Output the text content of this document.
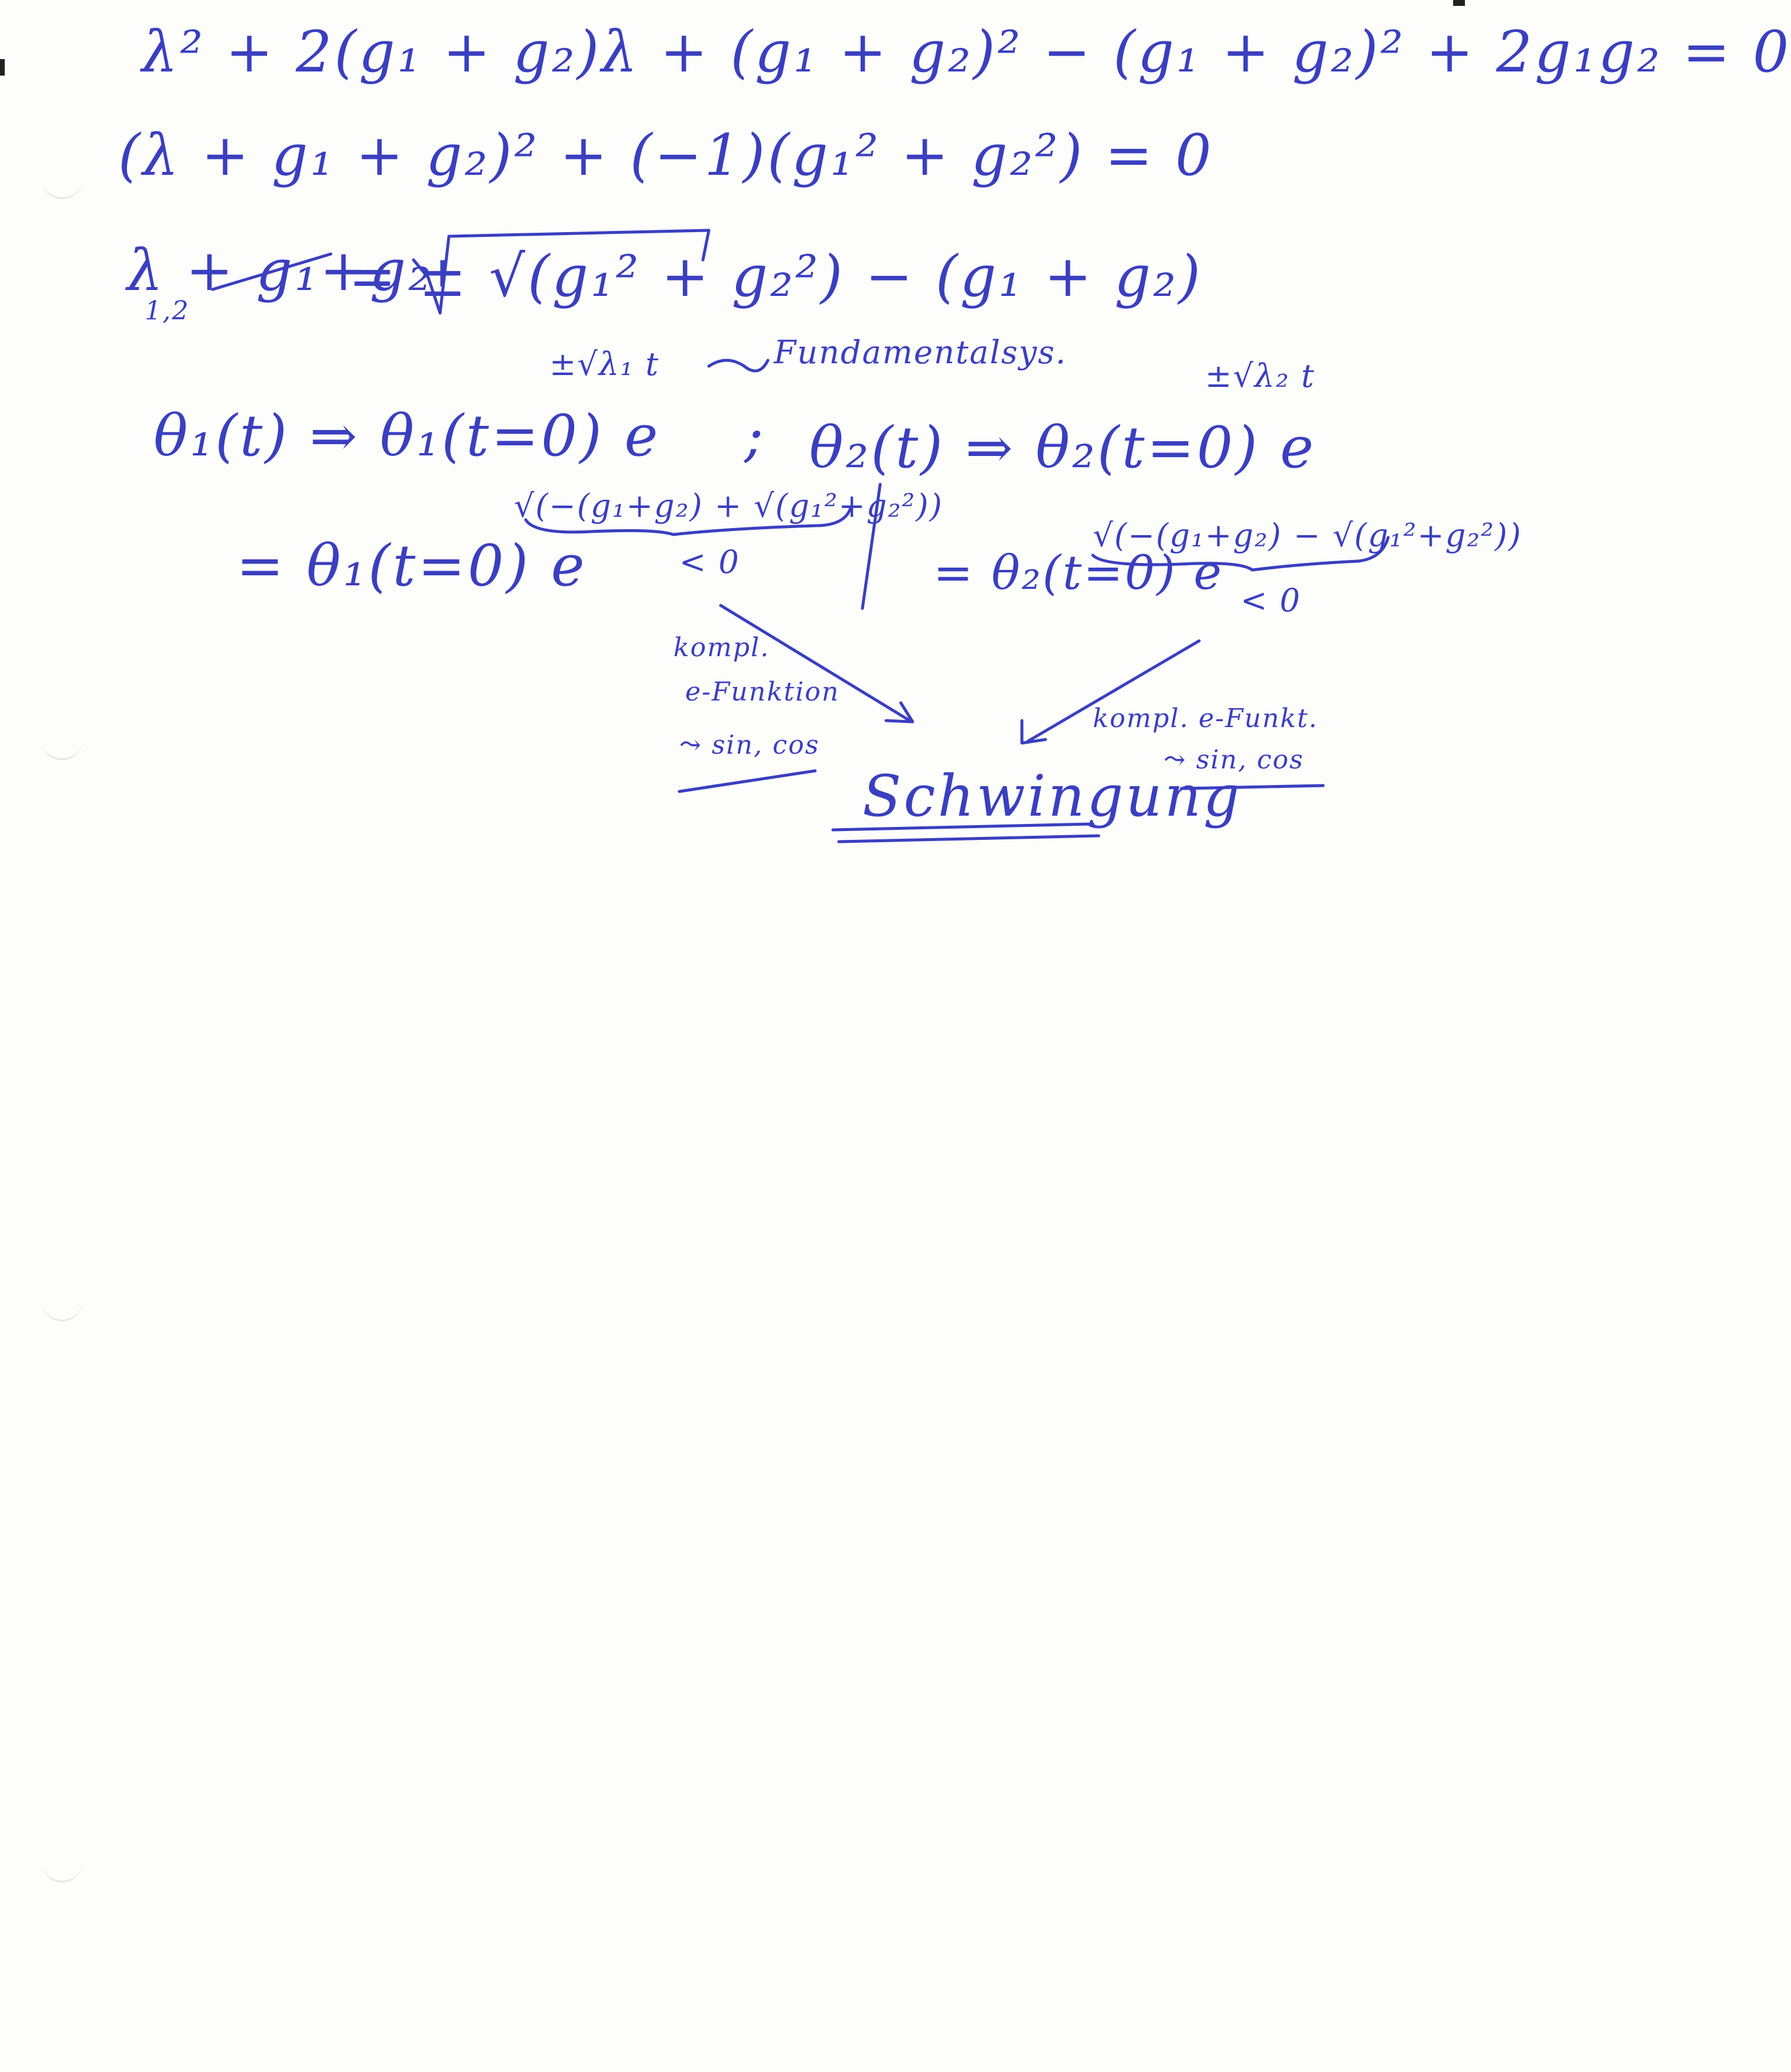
λ² + 2(g₁ + g₂)λ + (g₁ + g₂)² − (g₁ + g₂)² + 2g₁g₂ = 0
(λ + g₁ + g₂)² + (−1)(g₁² + g₂²) = 0
λ + g₁+g₂
1,2
= ± √(g₁² + g₂²) − (g₁ + g₂)
±√λ₁ t	Fundamentalsys.
θ₁(t) ⇒ θ₁(t=0) e ;
±√λ₂ t
θ₂(t) ⇒ θ₂(t=0) e
√(−(g₁+g₂) + √(g₁²+g₂²))
= θ₁(t=0) e	< 0
√(−(g₁+g₂) − √(g₁²+g₂²))
= θ₂(t=0) e
< 0
kompl.
e-Funktion
⤳ sin, cos
kompl. e-Funkt.
⤳ sin, cos
Schwingung
